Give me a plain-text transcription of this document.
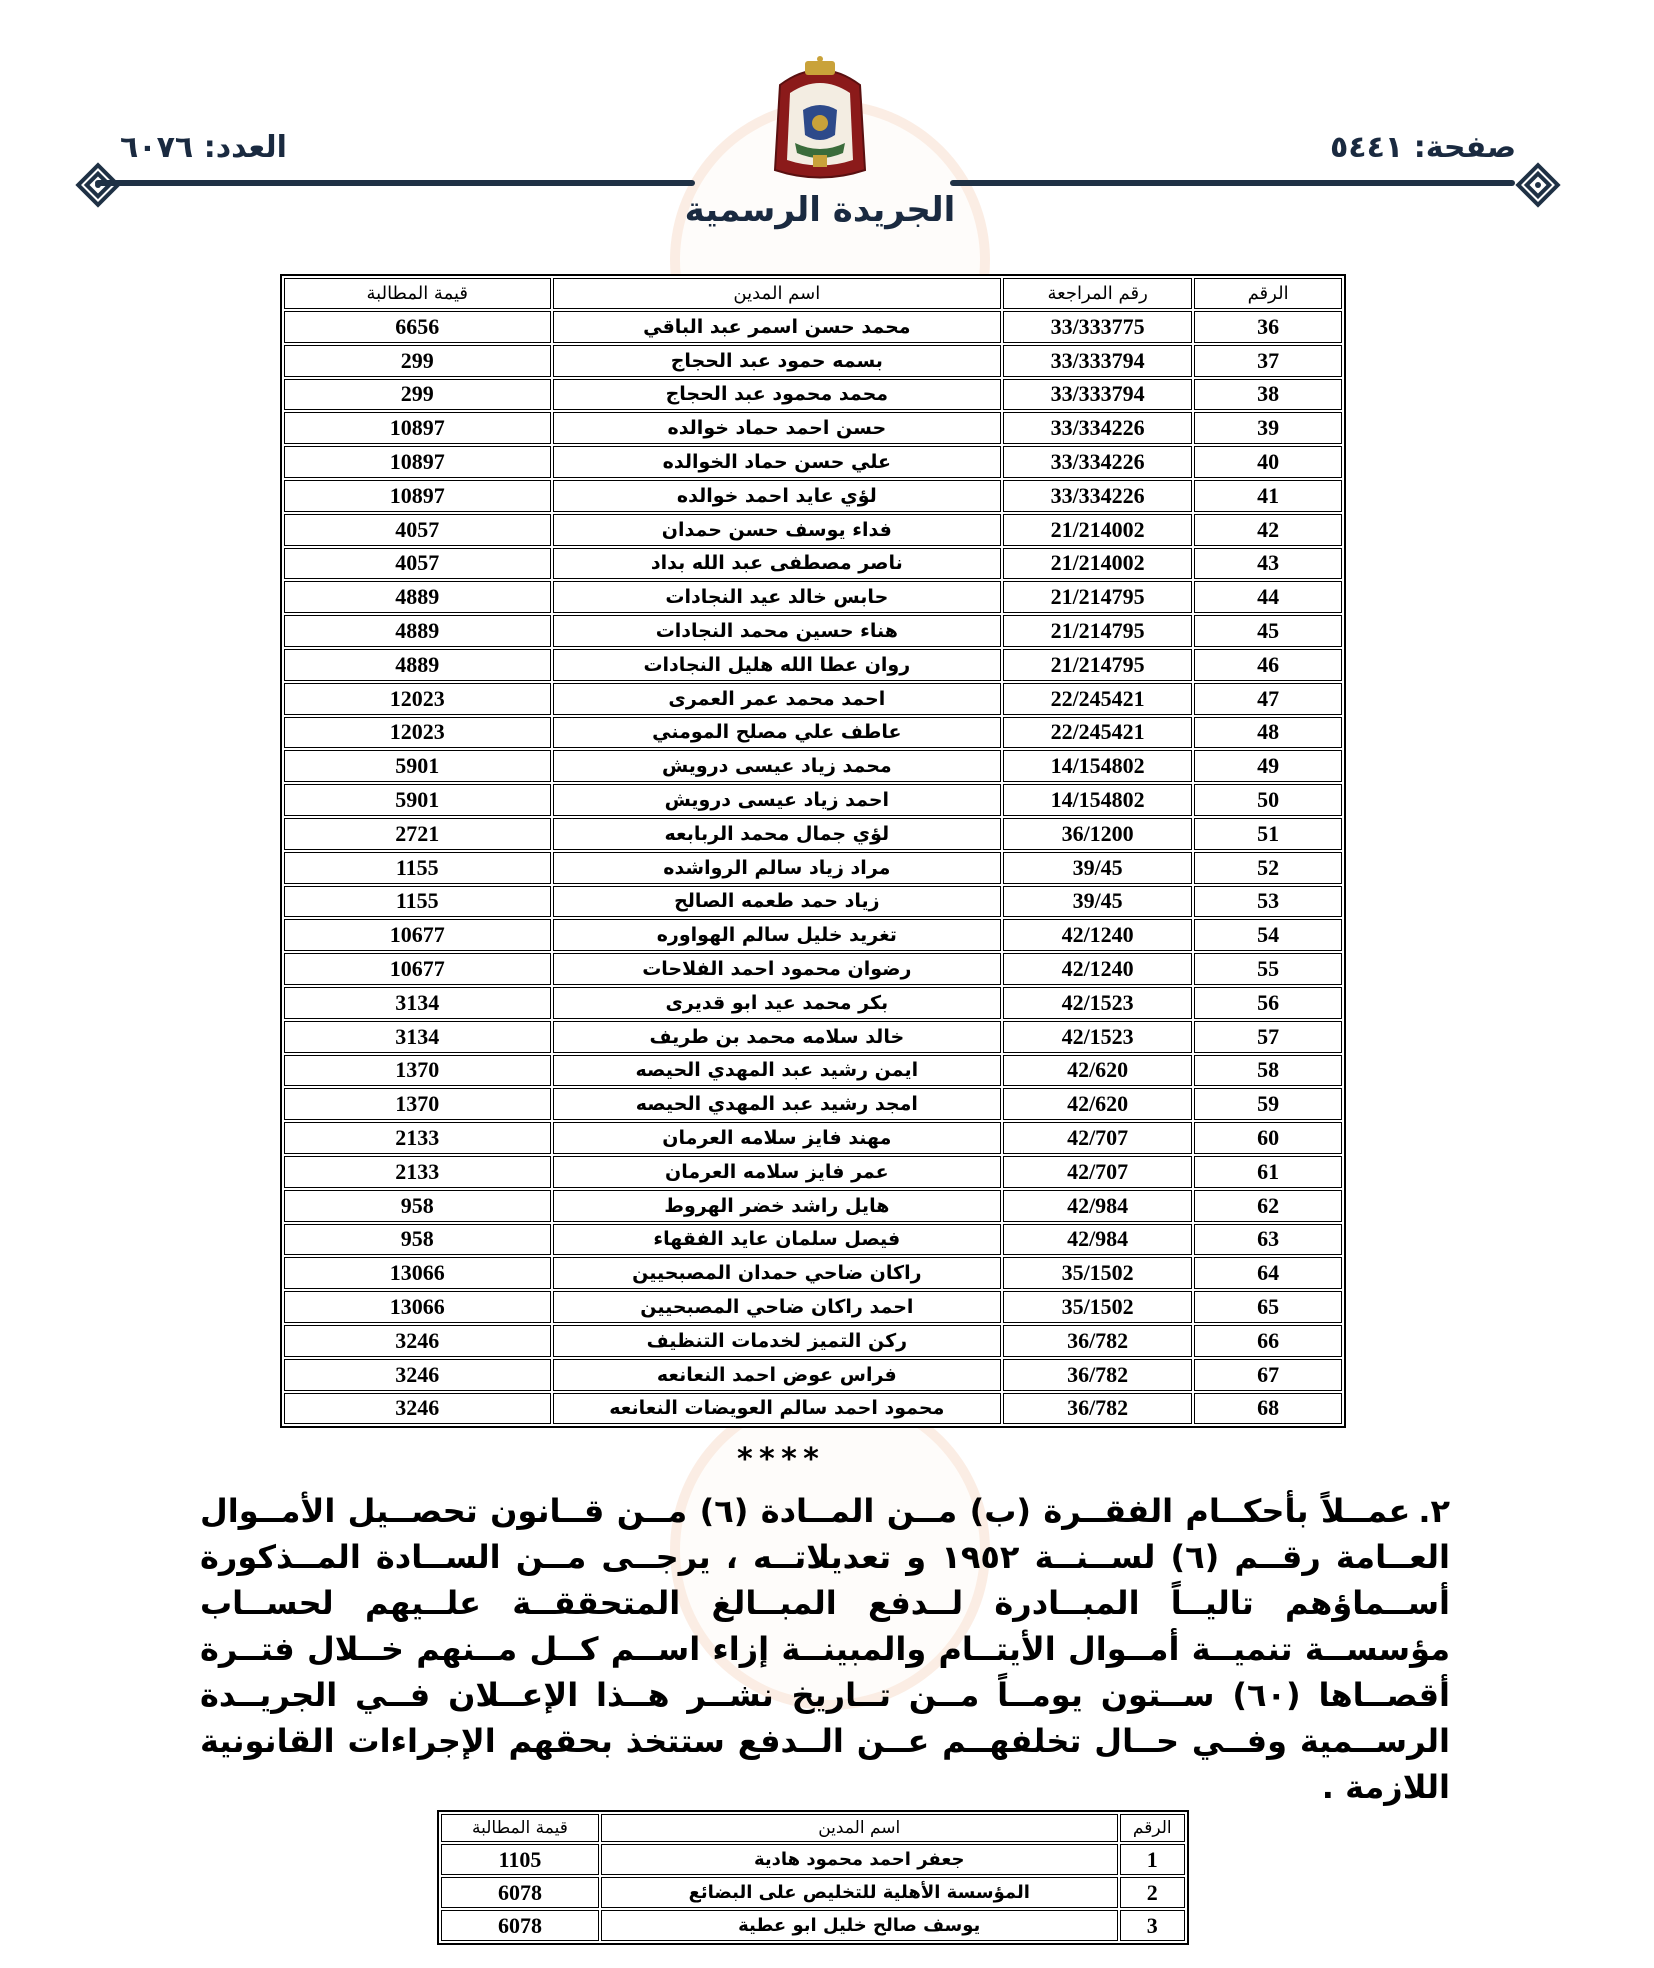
صفحة: ٥٤٤١
العدد: ٦٠٧٦
الجريدة الرسمية
الرقم	رقم المراجعة	اسم المدين	قيمة المطالبة
36	33/333775	محمد حسن اسمر عبد الباقي	6656
37	33/333794	بسمه حمود عبد الحجاج	299
38	33/333794	محمد محمود عبد الحجاج	299
39	33/334226	حسن احمد حماد خوالده	10897
40	33/334226	علي حسن حماد الخوالده	10897
41	33/334226	لؤي عايد احمد خوالده	10897
42	21/214002	فداء يوسف حسن حمدان	4057
43	21/214002	ناصر مصطفى عبد الله بداد	4057
44	21/214795	حابس خالد عيد النجادات	4889
45	21/214795	هناء حسين محمد النجادات	4889
46	21/214795	روان عطا الله هليل النجادات	4889
47	22/245421	احمد محمد عمر العمرى	12023
48	22/245421	عاطف علي مصلح المومني	12023
49	14/154802	محمد زياد عيسى درويش	5901
50	14/154802	احمد زياد عيسى درويش	5901
51	36/1200	لؤي جمال محمد الربابعه	2721
52	39/45	مراد زياد سالم الرواشده	1155
53	39/45	زياد حمد طعمه الصالح	1155
54	42/1240	تغريد خليل سالم الهواوره	10677
55	42/1240	رضوان محمود احمد الفلاحات	10677
56	42/1523	بكر محمد عيد ابو قديرى	3134
57	42/1523	خالد سلامه محمد بن طريف	3134
58	42/620	ايمن رشيد عبد المهدي الحيصه	1370
59	42/620	امجد رشيد عبد المهدي الحيصه	1370
60	42/707	مهند فايز سلامه العرمان	2133
61	42/707	عمر فايز سلامه العرمان	2133
62	42/984	هايل راشد خضر الهروط	958
63	42/984	فيصل سلمان عايد الفقهاء	958
64	35/1502	راكان ضاحي حمدان المصبحيين	13066
65	35/1502	احمد راكان ضاحي المصبحيين	13066
66	36/782	ركن التميز لخدمات التنظيف	3246
67	36/782	فراس عوض احمد النعانعه	3246
68	36/782	محمود احمد سالم العويضات النعانعه	3246
****
٢.عمــلاً بأحكــام الفقــرة (ب) مــن المــادة (٦) مــن قــانون تحصــيل الأمــوال العــامة رقــم (٦) لســنــة ١٩٥٢ و تعديلاتــه ، يرجــى مــن الســادة المــذكورة أســماؤهم تاليــاً المبــادرة لــدفع المبــالغ المتحققــة علــيهم لحســاب مؤسســة تنميــة أمــوال الأيتــام والمبينــة إزاء اســم كــل مــنهم خــلال فتــرة أقصــاها (٦٠) ســتون يومــاً مــن تــاريخ نشــر هــذا الإعــلان فــي الجريــدة الرســمية وفــي حــال تخلفهــم عــن الــدفع ستتخذ بحقهم الإجراءات القانونية اللازمة .
الرقم	اسم المدين	قيمة المطالبة
1	جعفر احمد محمود هادية	1105
2	المؤسسة الأهلية للتخليص على البضائع	6078
3	يوسف صالح خليل ابو عطية	6078
